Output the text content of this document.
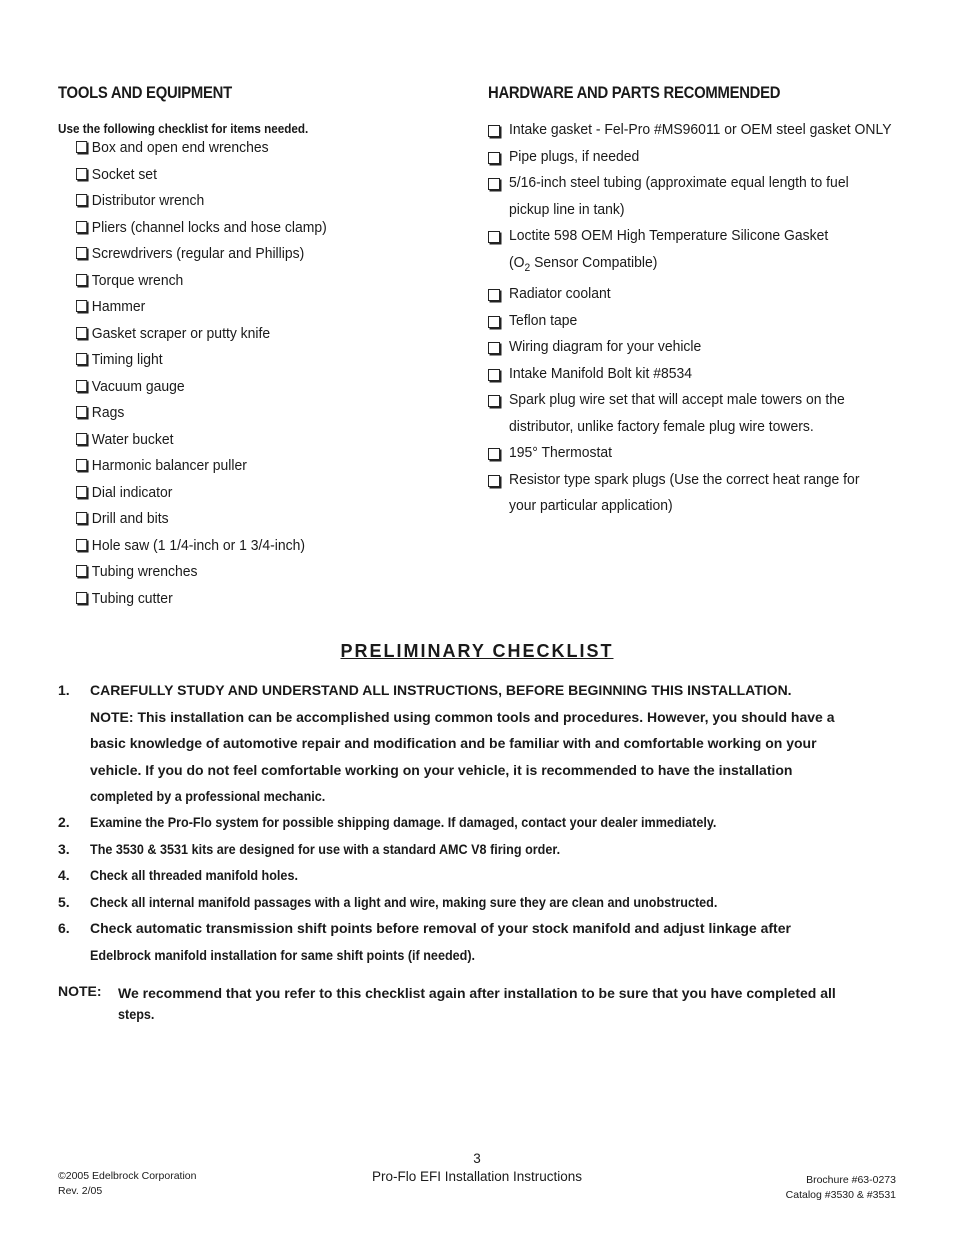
TOOLS AND EQUIPMENT
Use the following checklist for items needed.
Box and open end wrenches
Socket set
Distributor wrench
Pliers (channel locks and hose clamp)
Screwdrivers (regular and Phillips)
Torque wrench
Hammer
Gasket scraper or putty knife
Timing light
Vacuum gauge
Rags
Water bucket
Harmonic balancer puller
Dial indicator
Drill and bits
Hole saw (1 1/4-inch or 1 3/4-inch)
Tubing wrenches
Tubing cutter
HARDWARE AND PARTS RECOMMENDED
Intake gasket - Fel-Pro #MS96011 or OEM steel gasket ONLY
Pipe plugs, if needed
5/16-inch steel tubing (approximate equal length to fuel
pickup line in tank)
Loctite 598 OEM High Temperature Silicone Gasket
($O_2$ Sensor Compatible)
Radiator coolant
Teflon tape
Wiring diagram for your vehicle
Intake Manifold Bolt kit #8534
Spark plug wire set that will accept male towers on the
distributor, unlike factory female plug wire towers.
195° Thermostat
Resistor type spark plugs (Use the correct heat range for
your particular application)
PRELIMINARY CHECKLIST
1. CAREFULLY STUDY AND UNDERSTAND ALL INSTRUCTIONS, BEFORE BEGINNING THIS INSTALLATION.
NOTE: This installation can be accomplished using common tools and procedures. However, you should have a
basic knowledge of automotive repair and modification and be familiar with and comfortable working on your
vehicle. If you do not feel comfortable working on your vehicle, it is recommended to have the installation
completed by a professional mechanic.
2. Examine the Pro-Flo system for possible shipping damage. If damaged, contact your dealer immediately.
3. The 3530 & 3531 kits are designed for use with a standard AMC V8 firing order.
4. Check all threaded manifold holes.
5. Check all internal manifold passages with a light and wire, making sure they are clean and unobstructed.
6. Check automatic transmission shift points before removal of your stock manifold and adjust linkage after
Edelbrock manifold installation for same shift points (if needed).
NOTE: We recommend that you refer to this checklist again after installation to be sure that you have completed all
steps.
3
Pro-Flo EFI Installation Instructions
©2005 Edelbrock Corporation
Rev. 2/05
Brochure #63-0273
Catalog #3530 & #3531
